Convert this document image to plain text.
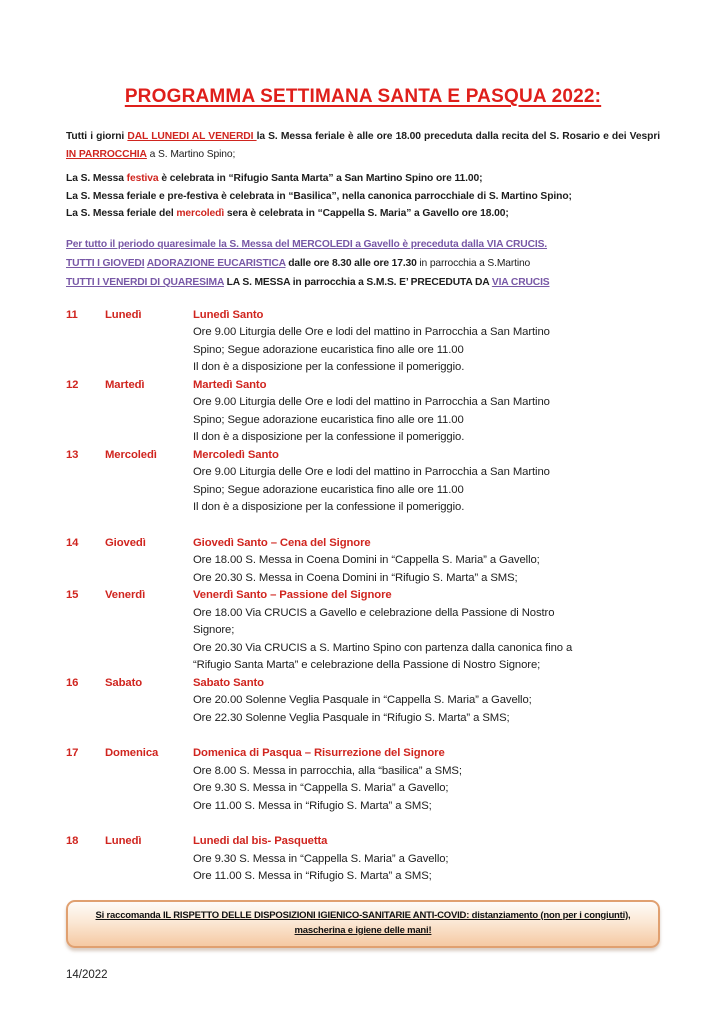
PROGRAMMA SETTIMANA SANTA E PASQUA 2022:
Tutti i giorni DAL LUNEDI AL VENERDI la S. Messa feriale è alle ore 18.00 preceduta dalla recita del S. Rosario e dei Vespri IN PARROCCHIA a S. Martino Spino;
La S. Messa festiva è celebrata in “Rifugio Santa Marta” a San Martino Spino ore 11.00;
La S. Messa feriale e pre-festiva è celebrata in “Basilica”, nella canonica parrocchiale di S. Martino Spino;
La S. Messa feriale del mercoledì sera è celebrata in “Cappella S. Maria” a Gavello ore 18.00;
Per tutto il periodo quaresimale la S. Messa del MERCOLEDI a Gavello è preceduta dalla VIA CRUCIS.
TUTTI I GIOVEDI ADORAZIONE EUCARISTICA dalle ore 8.30 alle ore 17.30 in parrocchia a S.Martino
TUTTI I VENERDI DI QUARESIMA LA S. MESSA in parrocchia a S.M.S. E’ PRECEDUTA DA VIA CRUCIS
11	Lunedì	Lunedì Santo
Ore 9.00 Liturgia delle Ore e lodi del mattino in Parrocchia a San Martino
Spino; Segue adorazione eucaristica fino alle ore 11.00
Il don è a disposizione per la confessione il pomeriggio.
12	Martedì	Martedì Santo
Ore 9.00 Liturgia delle Ore e lodi del mattino in Parrocchia a San Martino
Spino; Segue adorazione eucaristica fino alle ore 11.00
Il don è a disposizione per la confessione il pomeriggio.
13	Mercoledì	Mercoledì Santo
Ore 9.00 Liturgia delle Ore e lodi del mattino in Parrocchia a San Martino
Spino; Segue adorazione eucaristica fino alle ore 11.00
Il don è a disposizione per la confessione il pomeriggio.
14	Giovedì	Giovedì Santo – Cena del Signore
Ore 18.00 S. Messa in Coena Domini in “Cappella S. Maria” a Gavello;
Ore 20.30 S. Messa in Coena Domini in “Rifugio S. Marta” a SMS;
15	Venerdì	Venerdì Santo – Passione del Signore
Ore 18.00 Via CRUCIS a Gavello e celebrazione della Passione di Nostro
Signore;
Ore 20.30 Via CRUCIS a S. Martino Spino con partenza dalla canonica fino a
“Rifugio Santa Marta” e celebrazione della Passione di Nostro Signore;
16	Sabato	Sabato Santo
Ore 20.00 Solenne Veglia Pasquale in “Cappella S. Maria” a Gavello;
Ore 22.30 Solenne Veglia Pasquale in “Rifugio S. Marta” a SMS;
17	Domenica	Domenica di Pasqua – Risurrezione del Signore
Ore 8.00 S. Messa in parrocchia, alla “basilica” a SMS;
Ore 9.30 S. Messa in “Cappella S. Maria” a Gavello;
Ore 11.00 S. Messa in “Rifugio S. Marta” a SMS;
18	Lunedì	Lunedi dal bis- Pasquetta
Ore 9.30 S. Messa in “Cappella S. Maria” a Gavello;
Ore 11.00 S. Messa in “Rifugio S. Marta” a SMS;
Si raccomanda IL RISPETTO DELLE DISPOSIZIONI IGIENICO-SANITARIE ANTI-COVID: distanziamento (non per i congiunti), mascherina e igiene delle mani!
14/2022
